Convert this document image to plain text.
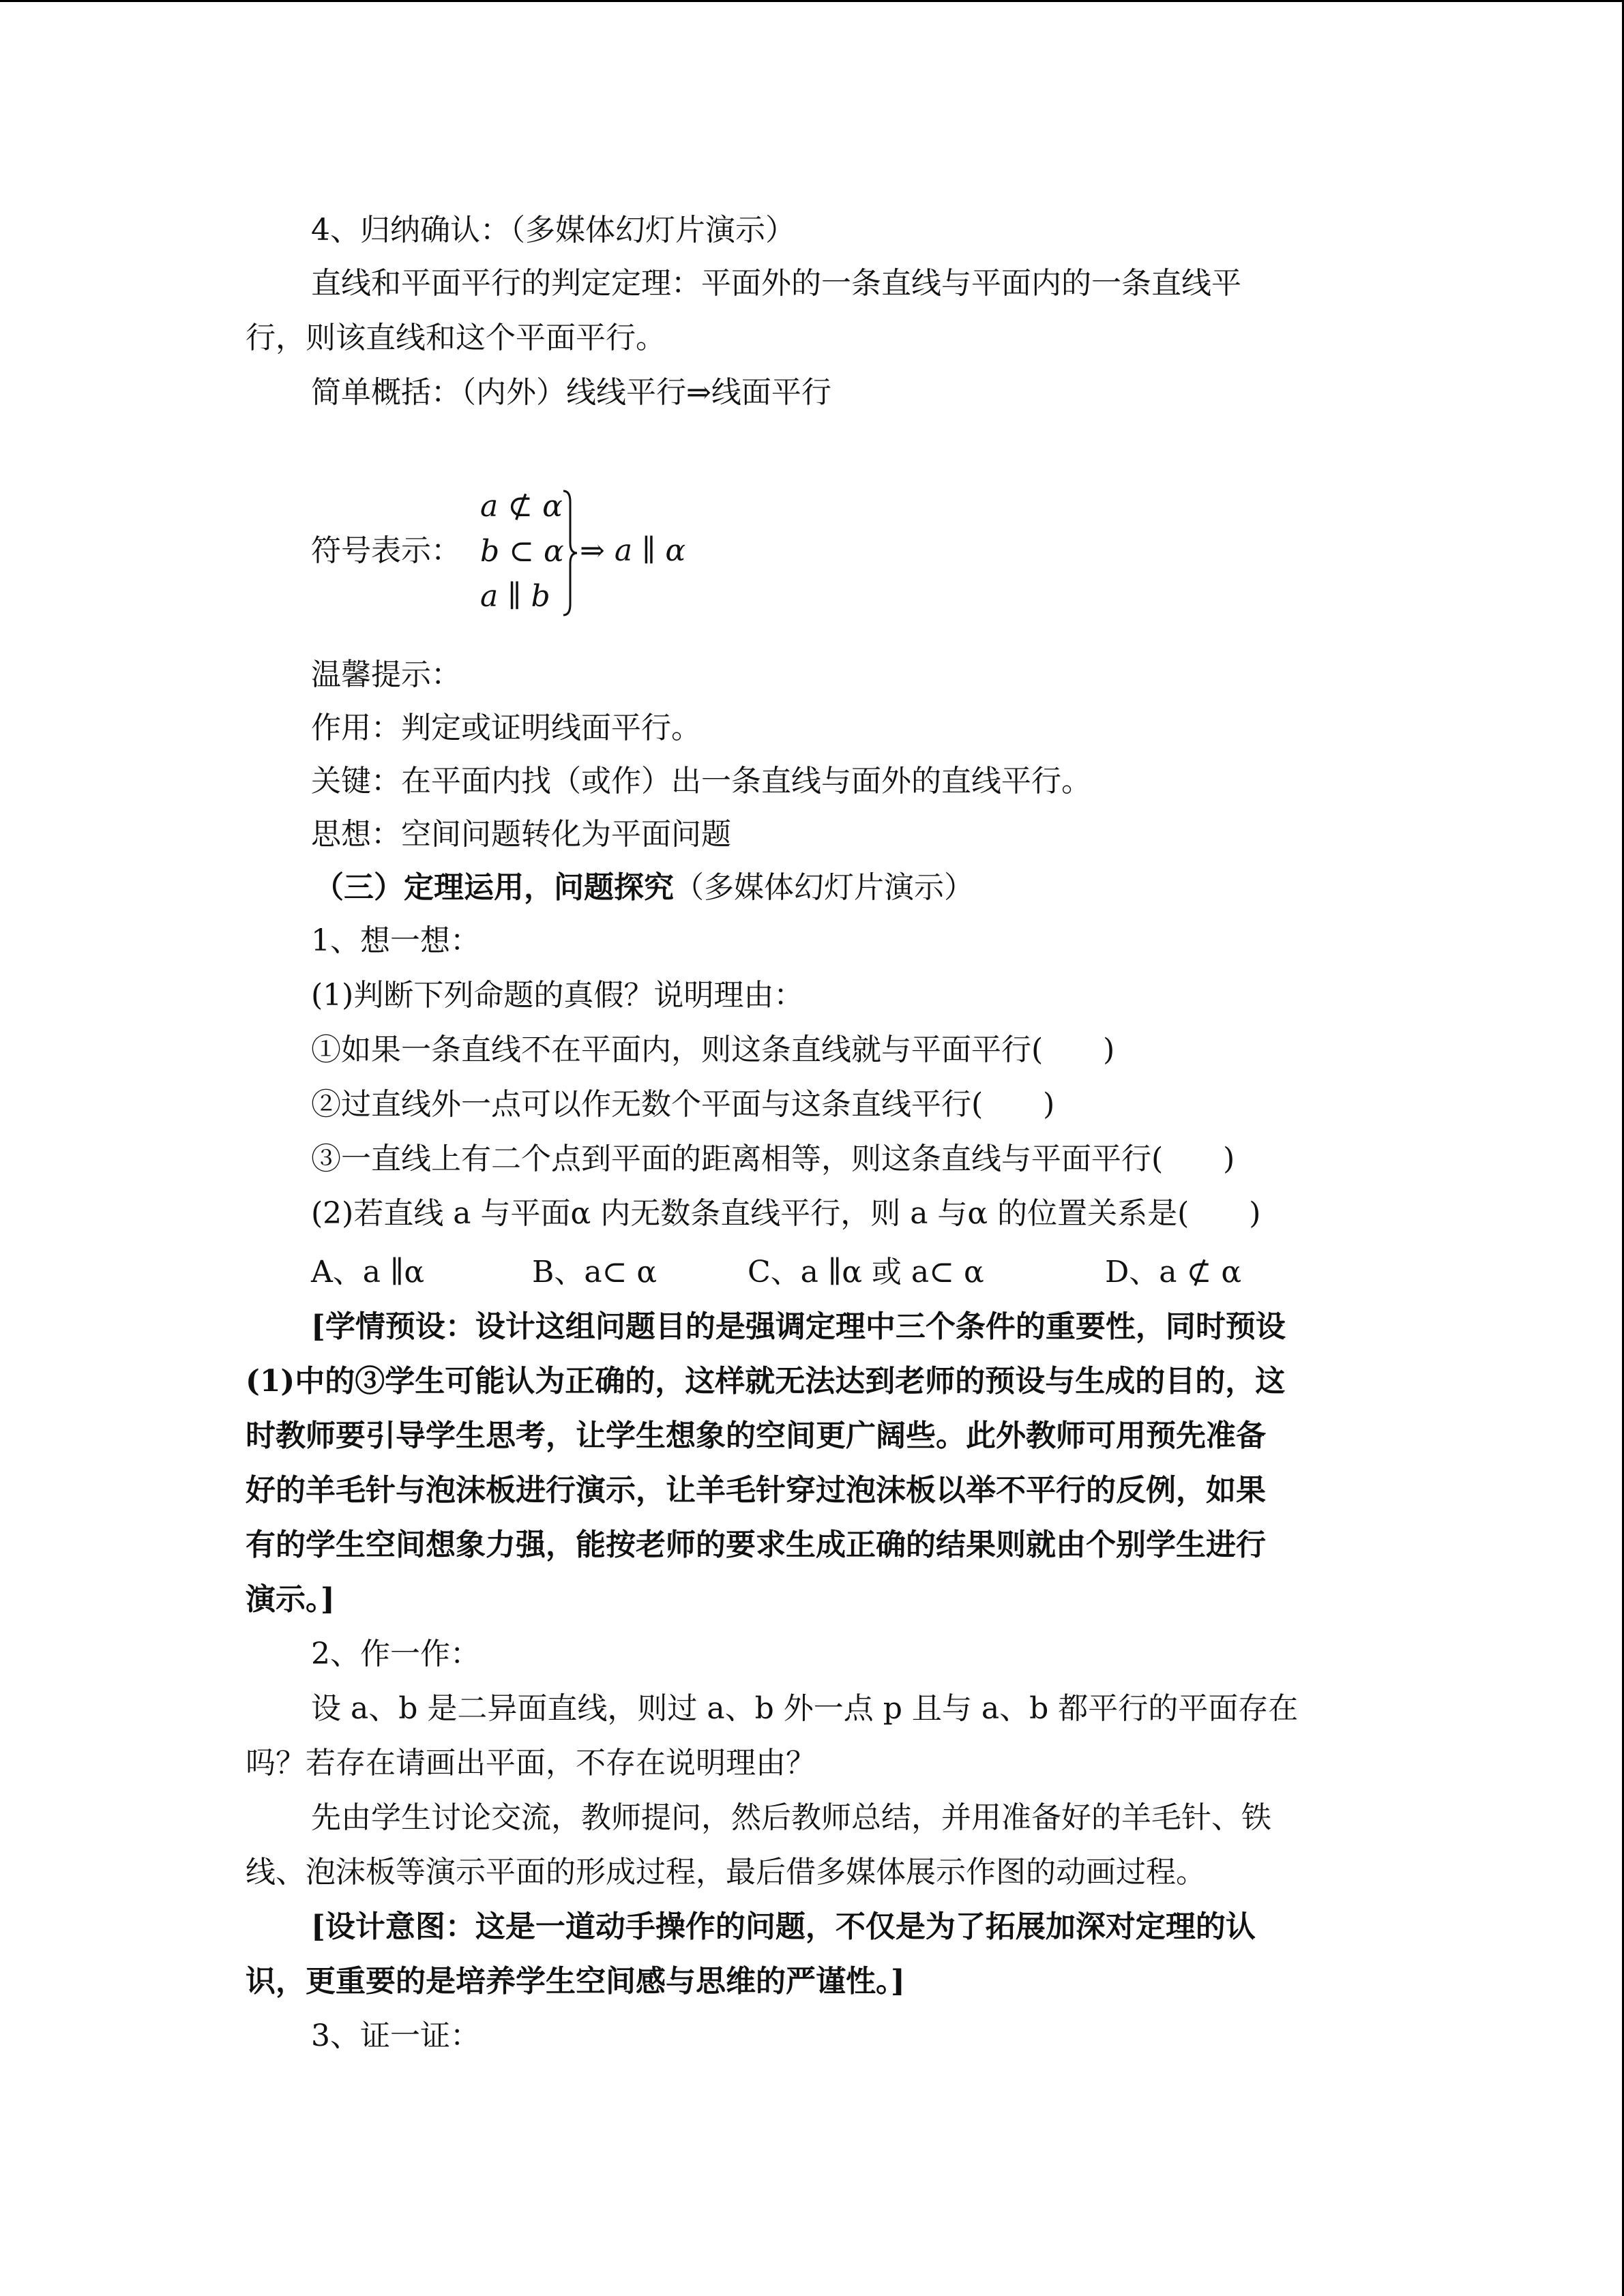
4、归纳确认：（多媒体幻灯片演示）
直线和平面平行的判定定理：平面外的一条直线与平面内的一条直线平
行，则该直线和这个平面平行。
简单概括：（内外）线线平行⇒线面平行
符号表示：
a ⊄ α
b ⊂ α
a ∥ b
⇒ a ∥ α
温馨提示：
作用：判定或证明线面平行。
关键：在平面内找（或作）出一条直线与面外的直线平行。
思想：空间问题转化为平面问题
（三）定理运用，问题探究（多媒体幻灯片演示）
1、想一想：
(1)判断下列命题的真假？说明理由：
①如果一条直线不在平面内，则这条直线就与平面平行(　　)
②过直线外一点可以作无数个平面与这条直线平行(　　)
③一直线上有二个点到平面的距离相等，则这条直线与平面平行(　　)
(2)若直线 a 与平面α 内无数条直线平行，则 a 与α 的位置关系是(　　)
A、a ∥α	B、a⊂ α	C、a ∥α 或 a⊂ α	D、a ⊄ α
[学情预设：设计这组问题目的是强调定理中三个条件的重要性，同时预设
(1)中的③学生可能认为正确的，这样就无法达到老师的预设与生成的目的，这
时教师要引导学生思考，让学生想象的空间更广阔些。此外教师可用预先准备
好的羊毛针与泡沫板进行演示，让羊毛针穿过泡沫板以举不平行的反例，如果
有的学生空间想象力强，能按老师的要求生成正确的结果则就由个别学生进行
演示。]
2、作一作：
设 a、b 是二异面直线，则过 a、b 外一点 p 且与 a、b 都平行的平面存在
吗？若存在请画出平面，不存在说明理由？
先由学生讨论交流，教师提问，然后教师总结，并用准备好的羊毛针、铁
线、泡沫板等演示平面的形成过程，最后借多媒体展示作图的动画过程。
[设计意图：这是一道动手操作的问题，不仅是为了拓展加深对定理的认
识，更重要的是培养学生空间感与思维的严谨性。]
3、证一证：
